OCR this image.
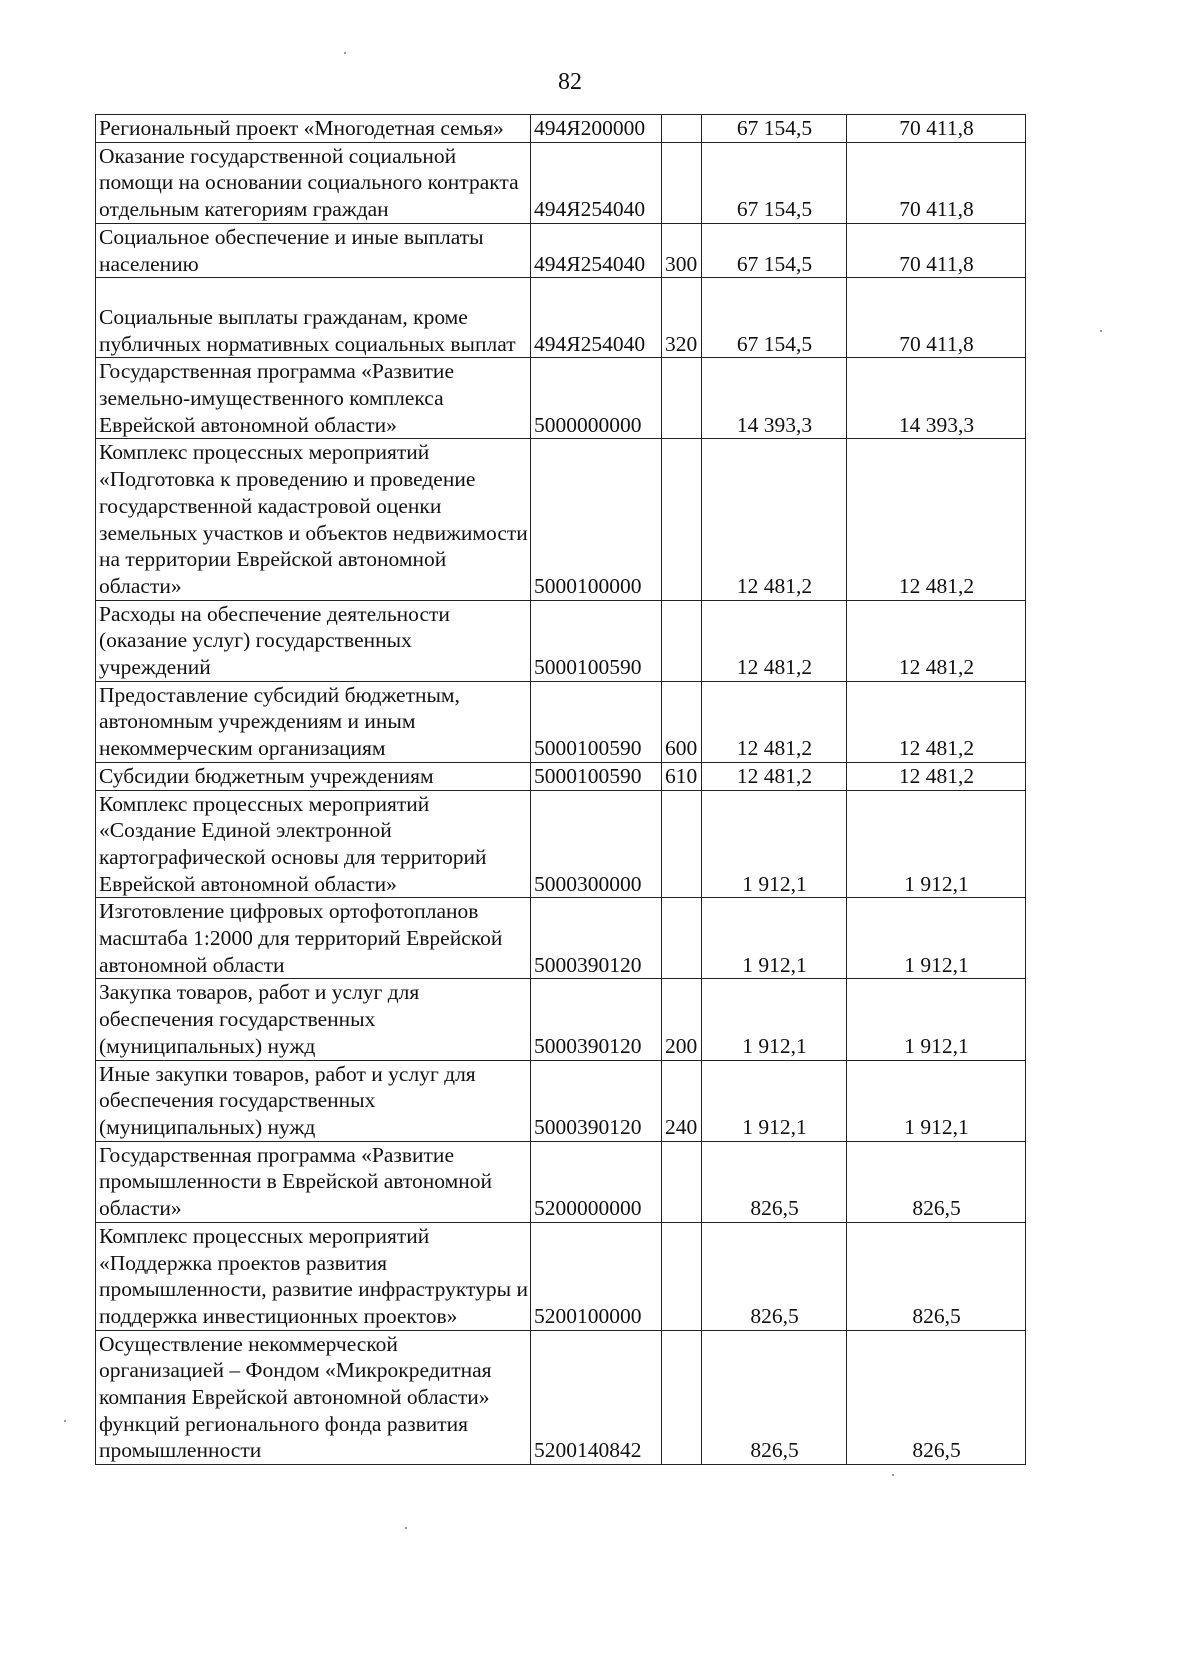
82
Региональный проект «Многодетная семья»	494Я200000		67 154,5	70 411,8
Оказание государственной социальной помощи на основании социального контракта отдельным категориям граждан	494Я254040		67 154,5	70 411,8
Социальное обеспечение и иные выплаты населению	494Я254040	300	67 154,5	70 411,8
Социальные выплаты гражданам, кроме публичных нормативных социальных выплат	494Я254040	320	67 154,5	70 411,8
Государственная программа «Развитие земельно-имущественного комплекса Еврейской автономной области»	5000000000		14 393,3	14 393,3
Комплекс процессных мероприятий «Подготовка к проведению и проведение государственной кадастровой оценки земельных участков и объектов недвижимости на территории Еврейской автономной области»	5000100000		12 481,2	12 481,2
Расходы на обеспечение деятельности (оказание услуг) государственных учреждений	5000100590		12 481,2	12 481,2
Предоставление субсидий бюджетным, автономным учреждениям и иным некоммерческим организациям	5000100590	600	12 481,2	12 481,2
Субсидии бюджетным учреждениям	5000100590	610	12 481,2	12 481,2
Комплекс процессных мероприятий «Создание Единой электронной картографической основы для территорий Еврейской автономной области»	5000300000		1 912,1	1 912,1
Изготовление цифровых ортофотопланов масштаба 1:2000 для территорий Еврейской автономной области	5000390120		1 912,1	1 912,1
Закупка товаров, работ и услуг для обеспечения государственных (муниципальных) нужд	5000390120	200	1 912,1	1 912,1
Иные закупки товаров, работ и услуг для обеспечения государственных (муниципальных) нужд	5000390120	240	1 912,1	1 912,1
Государственная программа «Развитие промышленности в Еврейской автономной области»	5200000000		826,5	826,5
Комплекс процессных мероприятий «Поддержка проектов развития промышленности, развитие инфраструктуры и поддержка инвестиционных проектов»	5200100000		826,5	826,5
Осуществление некоммерческой организацией – Фондом «Микрокредитная компания Еврейской автономной области» функций регионального фонда развития промышленности	5200140842		826,5	826,5
